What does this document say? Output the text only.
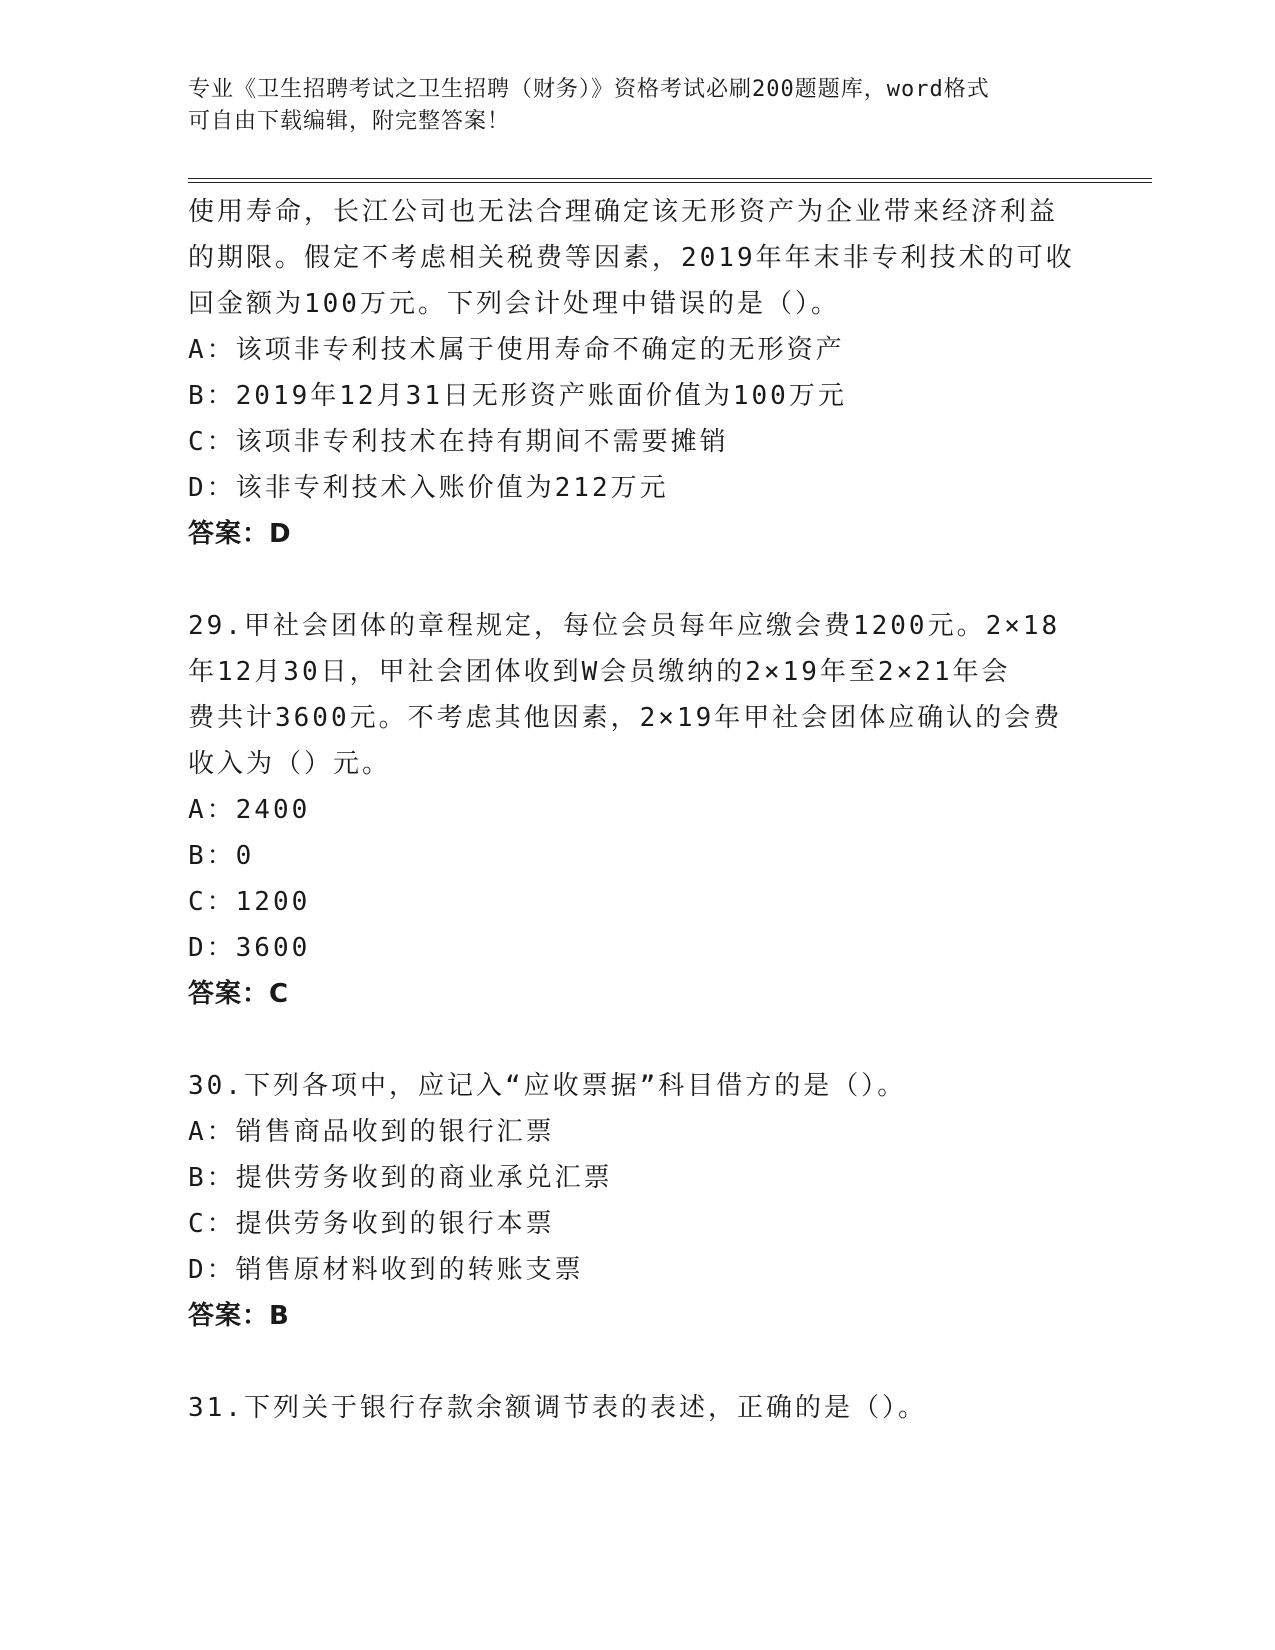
专业《卫生招聘考试之卫生招聘（财务）》资格考试必刷200题题库，word格式
可自由下载编辑，附完整答案！
使用寿命，长江公司也无法合理确定该无形资产为企业带来经济利益
的期限。假定不考虑相关税费等因素，2019年年末非专利技术的可收
回金额为100万元。下列会计处理中错误的是（）。
A：该项非专利技术属于使用寿命不确定的无形资产
B：2019年12月31日无形资产账面价值为100万元
C：该项非专利技术在持有期间不需要摊销
D：该非专利技术入账价值为212万元
答案：D
29.甲社会团体的章程规定，每位会员每年应缴会费1200元。2×18
年12月30日，甲社会团体收到W会员缴纳的2×19年至2×21年会
费共计3600元。不考虑其他因素，2×19年甲社会团体应确认的会费
收入为（）元。
A：2400
B：0
C：1200
D：3600
答案：C
30.下列各项中，应记入“应收票据”科目借方的是（）。
A：销售商品收到的银行汇票
B：提供劳务收到的商业承兑汇票
C：提供劳务收到的银行本票
D：销售原材料收到的转账支票
答案：B
31.下列关于银行存款余额调节表的表述，正确的是（）。
